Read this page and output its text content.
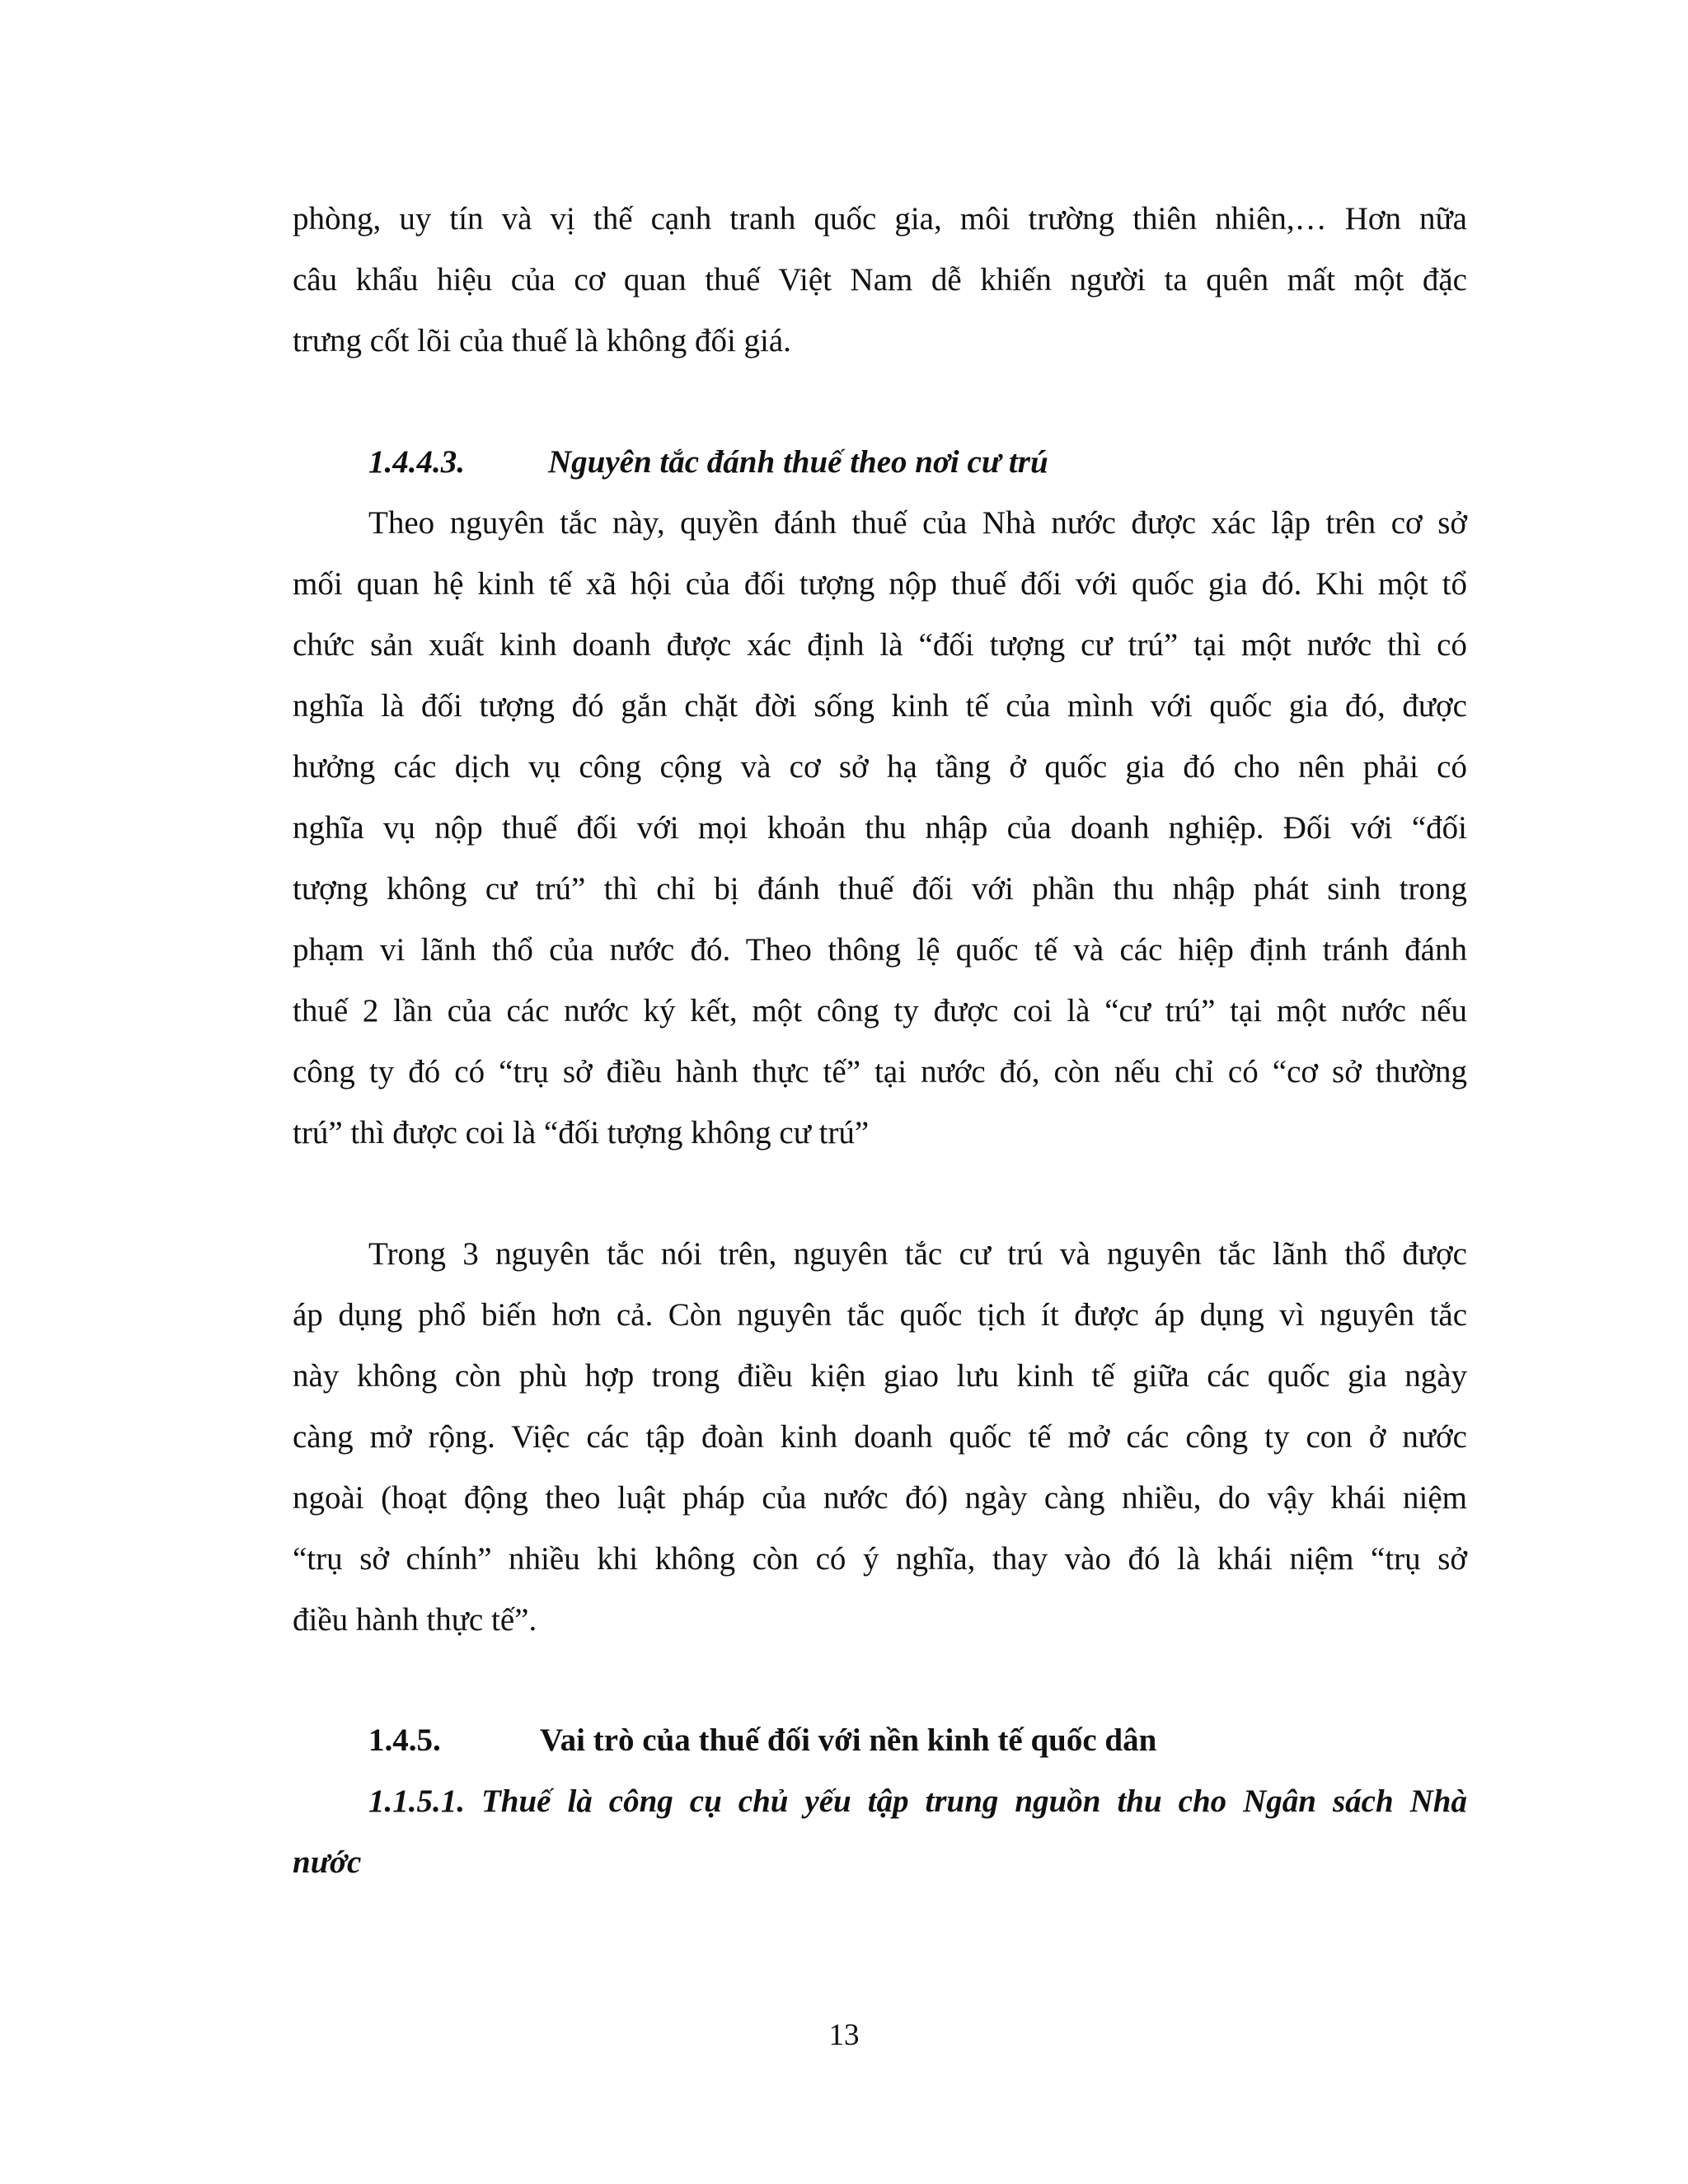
phòng, uy tín và vị thế cạnh tranh quốc gia, môi trường thiên nhiên,… Hơn nữa
câu khẩu hiệu của cơ quan thuế Việt Nam dễ khiến người ta quên mất một đặc
trưng cốt lõi của thuế là không đối giá.
1.4.4.3.	Nguyên tắc đánh thuế theo nơi cư trú
Theo nguyên tắc này, quyền đánh thuế của Nhà nước được xác lập trên cơ sở
mối quan hệ kinh tế xã hội của đối tượng nộp thuế đối với quốc gia đó. Khi một tổ
chức sản xuất kinh doanh được xác định là “đối tượng cư trú” tại một nước thì có
nghĩa là đối tượng đó gắn chặt đời sống kinh tế của mình với quốc gia đó, được
hưởng các dịch vụ công cộng và cơ sở hạ tầng ở quốc gia đó cho nên phải có
nghĩa vụ nộp thuế đối với mọi khoản thu nhập của doanh nghiệp. Đối với “đối
tượng không cư trú” thì chỉ bị đánh thuế đối với phần thu nhập phát sinh trong
phạm vi lãnh thổ của nước đó. Theo thông lệ quốc tế và các hiệp định tránh đánh
thuế 2 lần của các nước ký kết, một công ty được coi là “cư trú” tại một nước nếu
công ty đó có “trụ sở điều hành thực tế” tại nước đó, còn nếu chỉ có “cơ sở thường
trú” thì được coi là “đối tượng không cư trú”
Trong 3 nguyên tắc nói trên, nguyên tắc cư trú và nguyên tắc lãnh thổ được
áp dụng phổ biến hơn cả. Còn nguyên tắc quốc tịch ít được áp dụng vì nguyên tắc
này không còn phù hợp trong điều kiện giao lưu kinh tế giữa các quốc gia ngày
càng mở rộng. Việc các tập đoàn kinh doanh quốc tế mở các công ty con ở nước
ngoài (hoạt động theo luật pháp của nước đó) ngày càng nhiều, do vậy khái niệm
“trụ sở chính” nhiều khi không còn có ý nghĩa, thay vào đó là khái niệm “trụ sở
điều hành thực tế”.
1.4.5.	Vai trò của thuế đối với nền kinh tế quốc dân
1.1.5.1. Thuế là công cụ chủ yếu tập trung nguồn thu cho Ngân sách Nhà
nước
13
